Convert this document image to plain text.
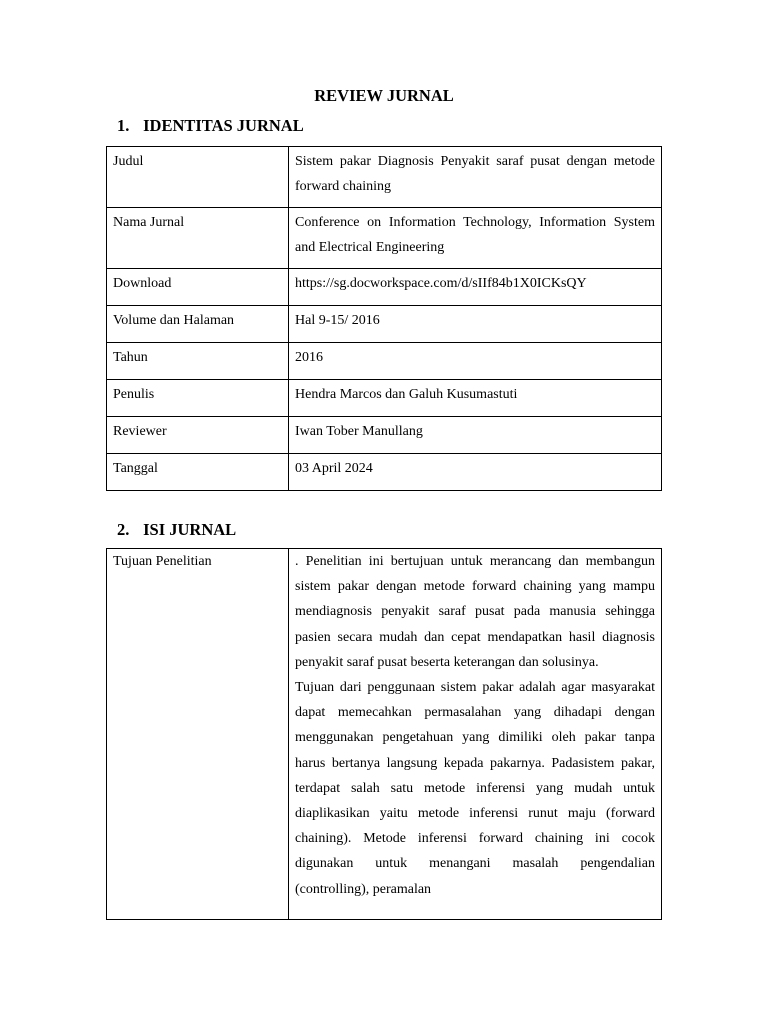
REVIEW JURNAL
1. IDENTITAS JURNAL
Judul	Sistem pakar Diagnosis Penyakit saraf pusat dengan metode forward chaining
Nama Jurnal	Conference on Information Technology, Information System and Electrical Engineering
Download	https://sg.docworkspace.com/d/sIIf84b1X0ICKsQY
Volume dan Halaman	Hal 9-15/ 2016
Tahun	2016
Penulis	Hendra Marcos dan Galuh Kusumastuti
Reviewer	Iwan Tober Manullang
Tanggal	03 April 2024
2. ISI JURNAL
Tujuan Penelitian	. Penelitian ini bertujuan untuk merancang dan membangun sistem pakar dengan metode forward chaining yang mampu mendiagnosis penyakit saraf pusat pada manusia sehingga pasien secara mudah dan cepat mendapatkan hasil diagnosis penyakit saraf pusat beserta keterangan dan solusinya.

Tujuan dari penggunaan sistem pakar adalah agar masyarakat dapat memecahkan permasalahan yang dihadapi dengan menggunakan pengetahuan yang dimiliki oleh pakar tanpa harus bertanya langsung kepada pakarnya. Padasistem pakar, terdapat salah satu metode inferensi yang mudah untuk diaplikasikan yaitu metode inferensi runut maju (forward chaining). Metode inferensi forward chaining ini cocok digunakan untuk menangani masalah pengendalian (controlling), peramalan
